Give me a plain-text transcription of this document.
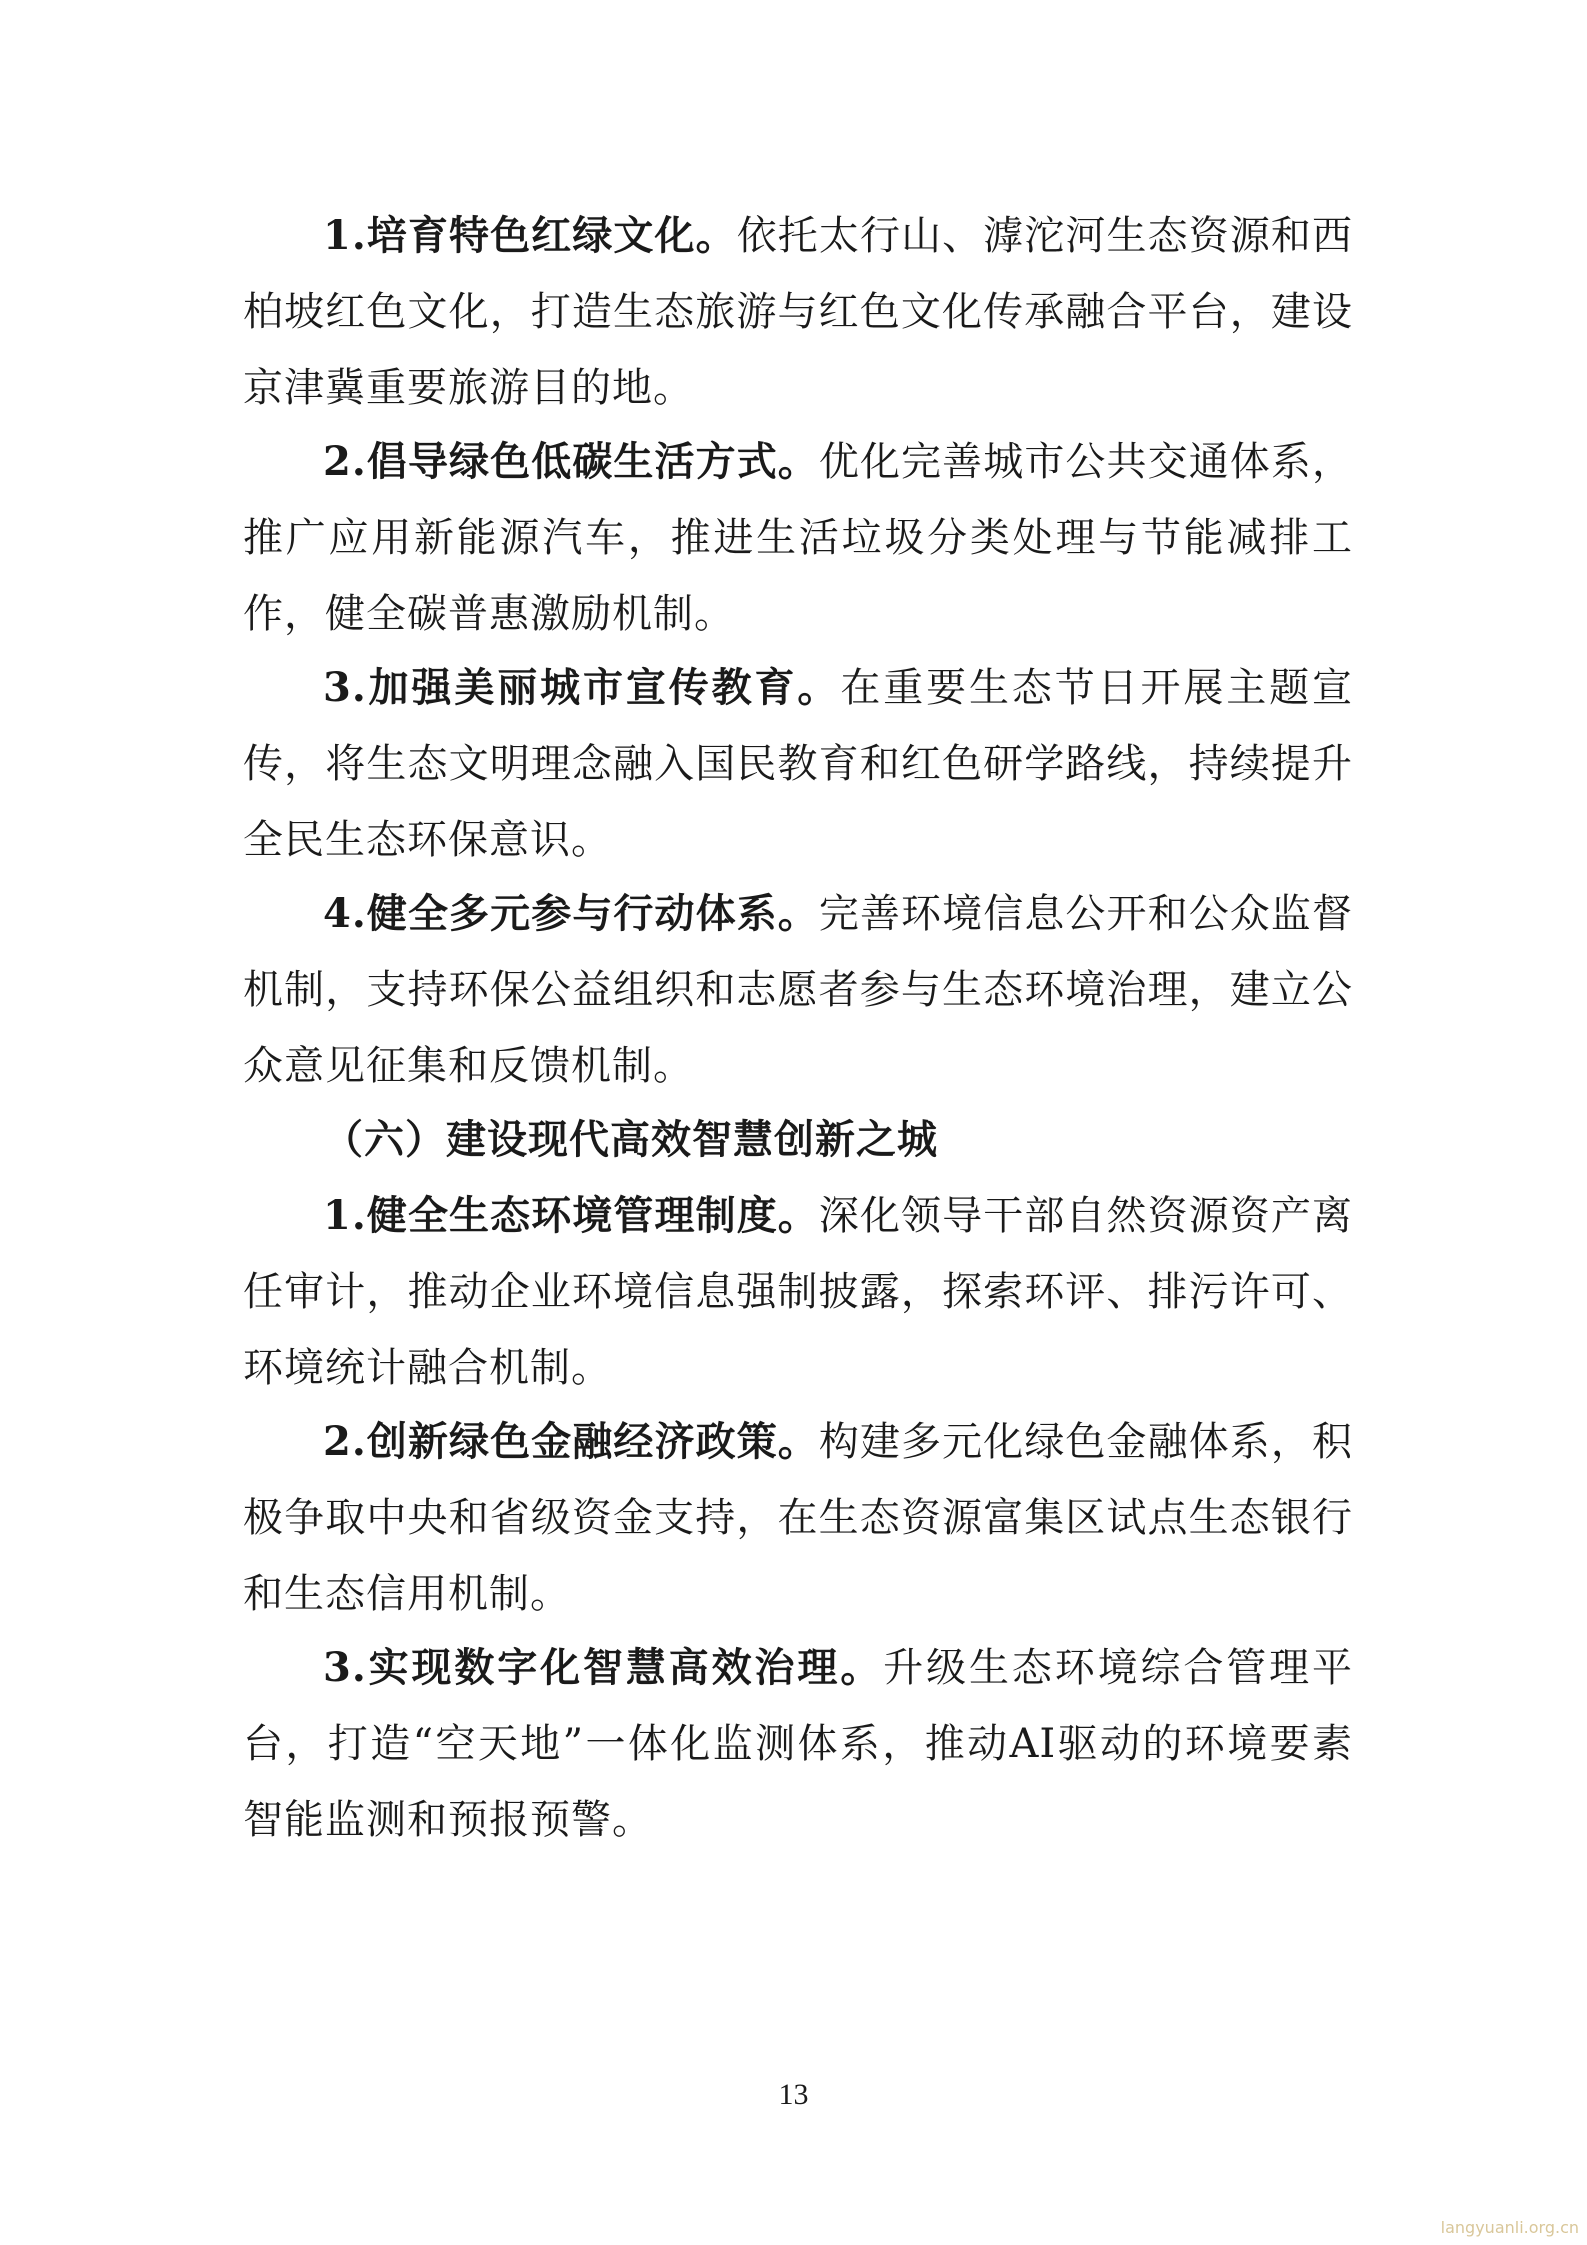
1.培育特色红绿文化。依托太行山、滹沱河生态资源和西柏坡红色文化，打造生态旅游与红色文化传承融合平台，建设京津冀重要旅游目的地。

2.倡导绿色低碳生活方式。优化完善城市公共交通体系，推广应用新能源汽车，推进生活垃圾分类处理与节能减排工作，健全碳普惠激励机制。

3.加强美丽城市宣传教育。在重要生态节日开展主题宣传，将生态文明理念融入国民教育和红色研学路线，持续提升全民生态环保意识。

4.健全多元参与行动体系。完善环境信息公开和公众监督机制，支持环保公益组织和志愿者参与生态环境治理，建立公众意见征集和反馈机制。

（六）建设现代高效智慧创新之城

1.健全生态环境管理制度。深化领导干部自然资源资产离任审计，推动企业环境信息强制披露，探索环评、排污许可、环境统计融合机制。

2.创新绿色金融经济政策。构建多元化绿色金融体系，积极争取中央和省级资金支持，在生态资源富集区试点生态银行和生态信用机制。

3.实现数字化智慧高效治理。升级生态环境综合管理平台，打造“空天地”一体化监测体系，推动AI驱动的环境要素智能监测和预报预警。

13
langyuanli.org.cn
